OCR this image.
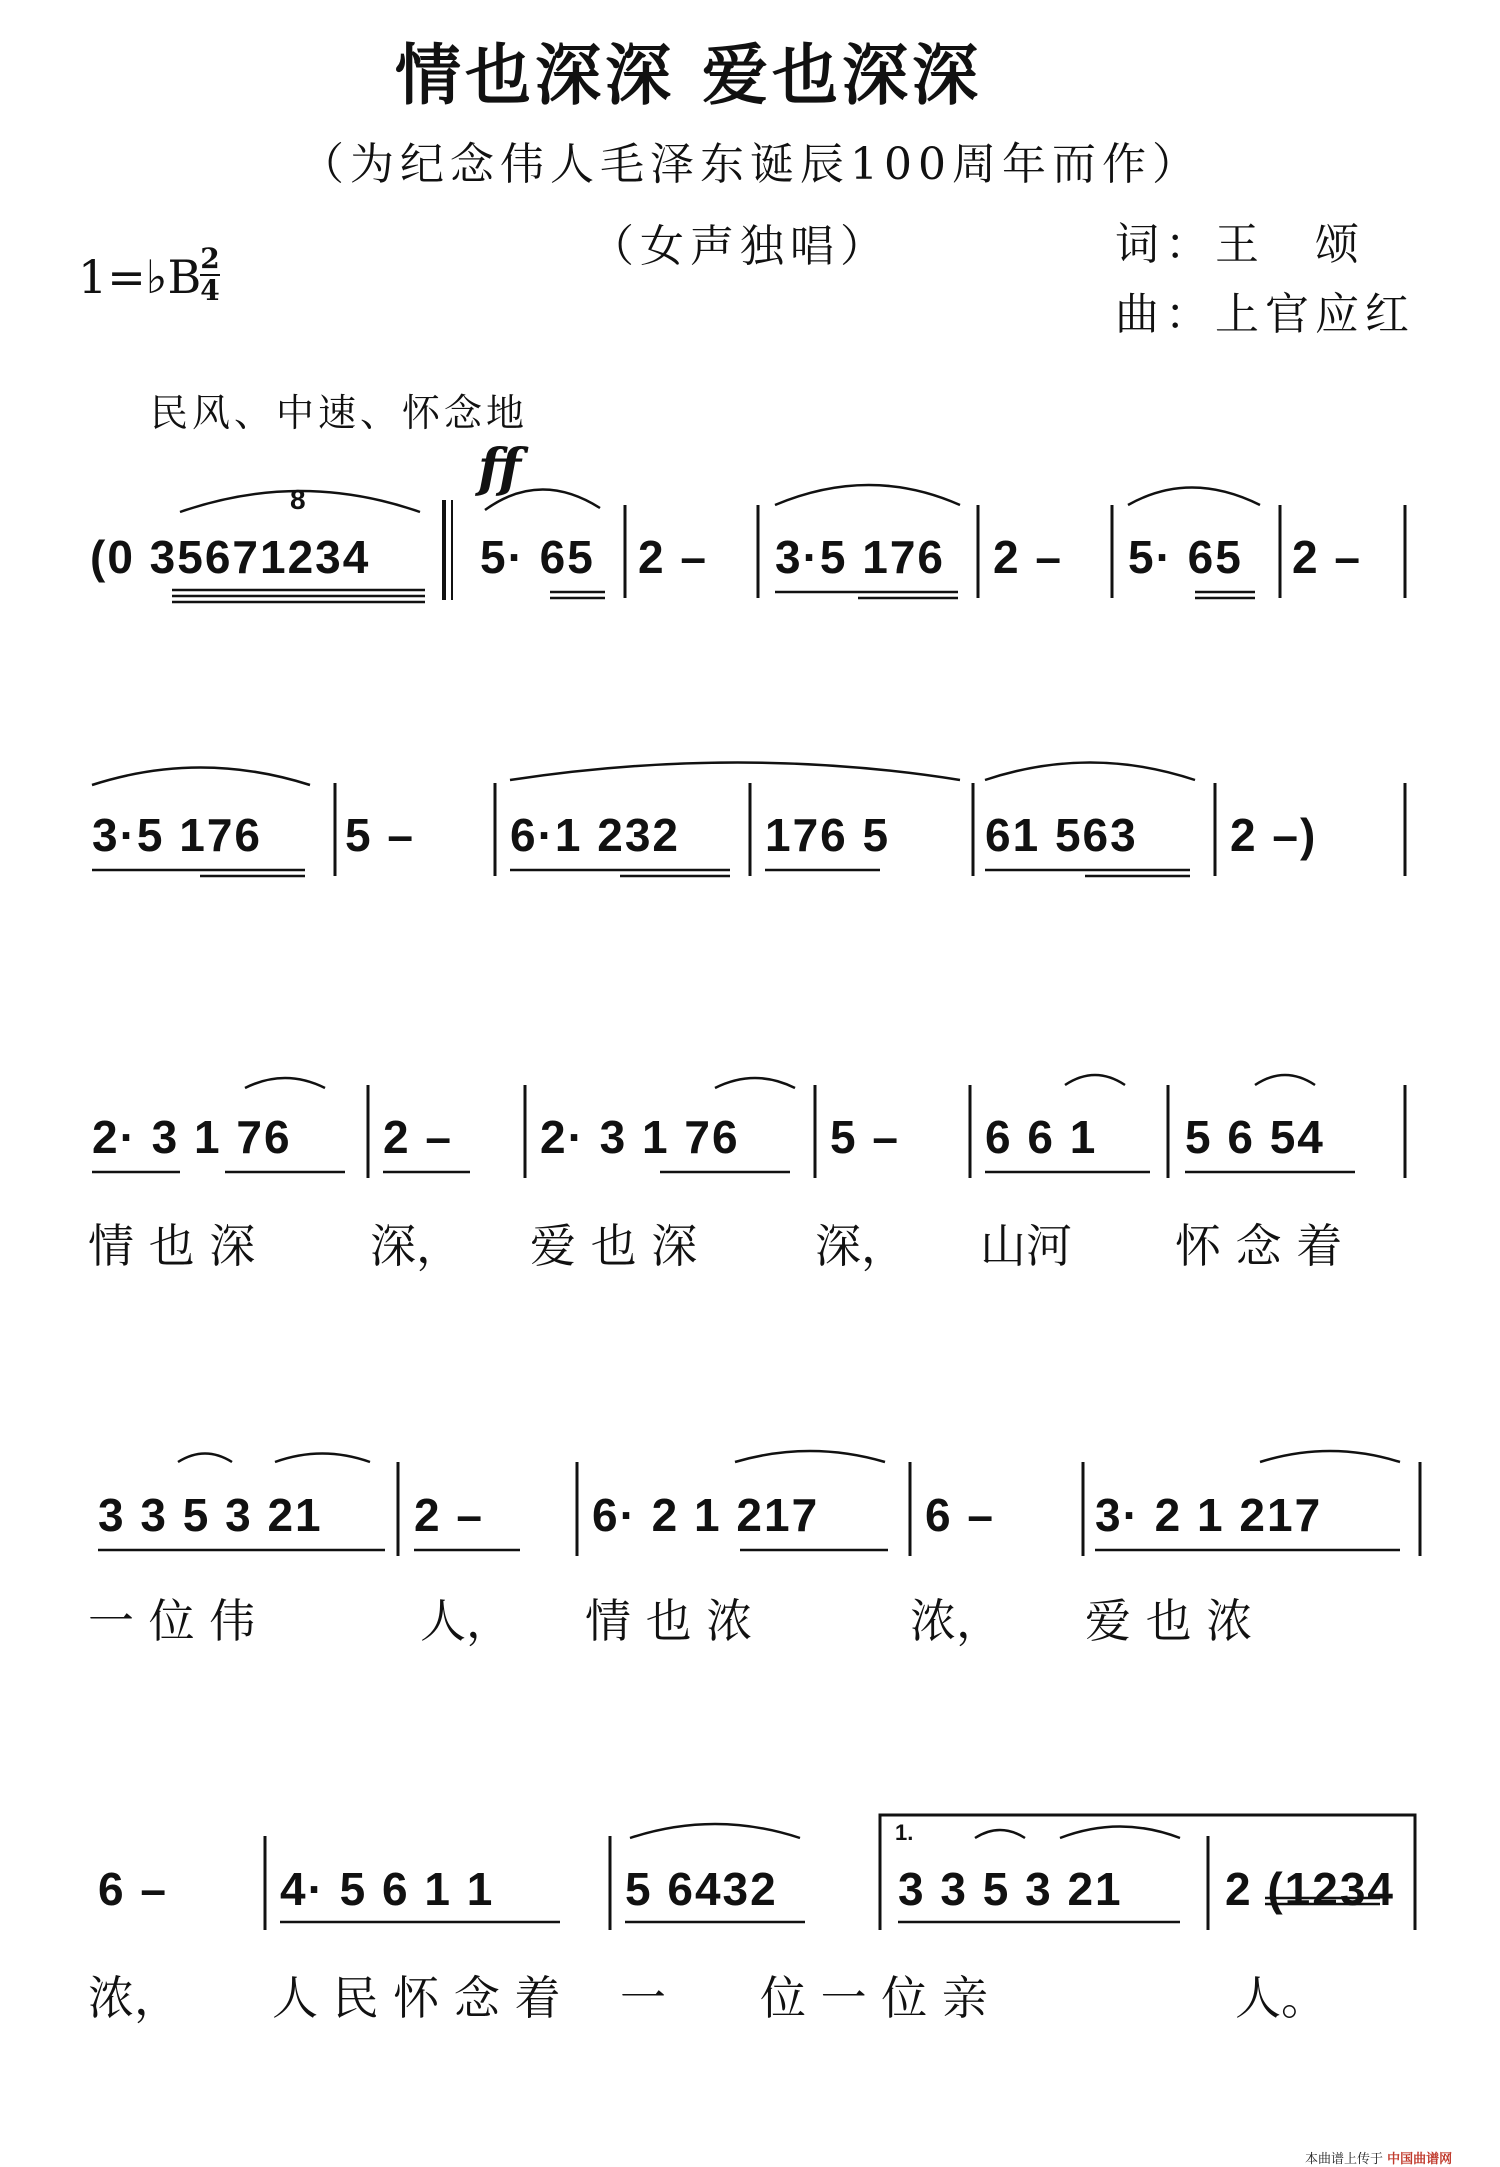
情也深深 爱也深深
（为纪念伟人毛泽东诞辰100周年而作）
（女声独唱）	词：王　颂
曲：上官应红
1=♭B
2
4
民风、中速、怀念地
ff
8
(0 35671234 5· 65 2 – 3·5 176 2 – 5· 65 2 –
3·5 176 5 – 6·1 232 176 5 61 563 2 –)
2· 3 1 76 2 – 2· 3 1 76 5 – 6 6 1 5 6 54
情 也 深 深， 爱 也 深	深， 山河 怀 念 着
3 3 5 3 21 2 – 6· 2 1 217 6 – 3· 2 1 217
一 位 伟	人， 情 也 浓	浓， 爱 也 浓
1.
6 – 4· 5 6 1 1	5 6432	3 3 5 3 21 2 (1234
浓， 人 民 怀 念 着 一 位 一 位 亲	人。
本曲谱上传于 中国曲谱网
